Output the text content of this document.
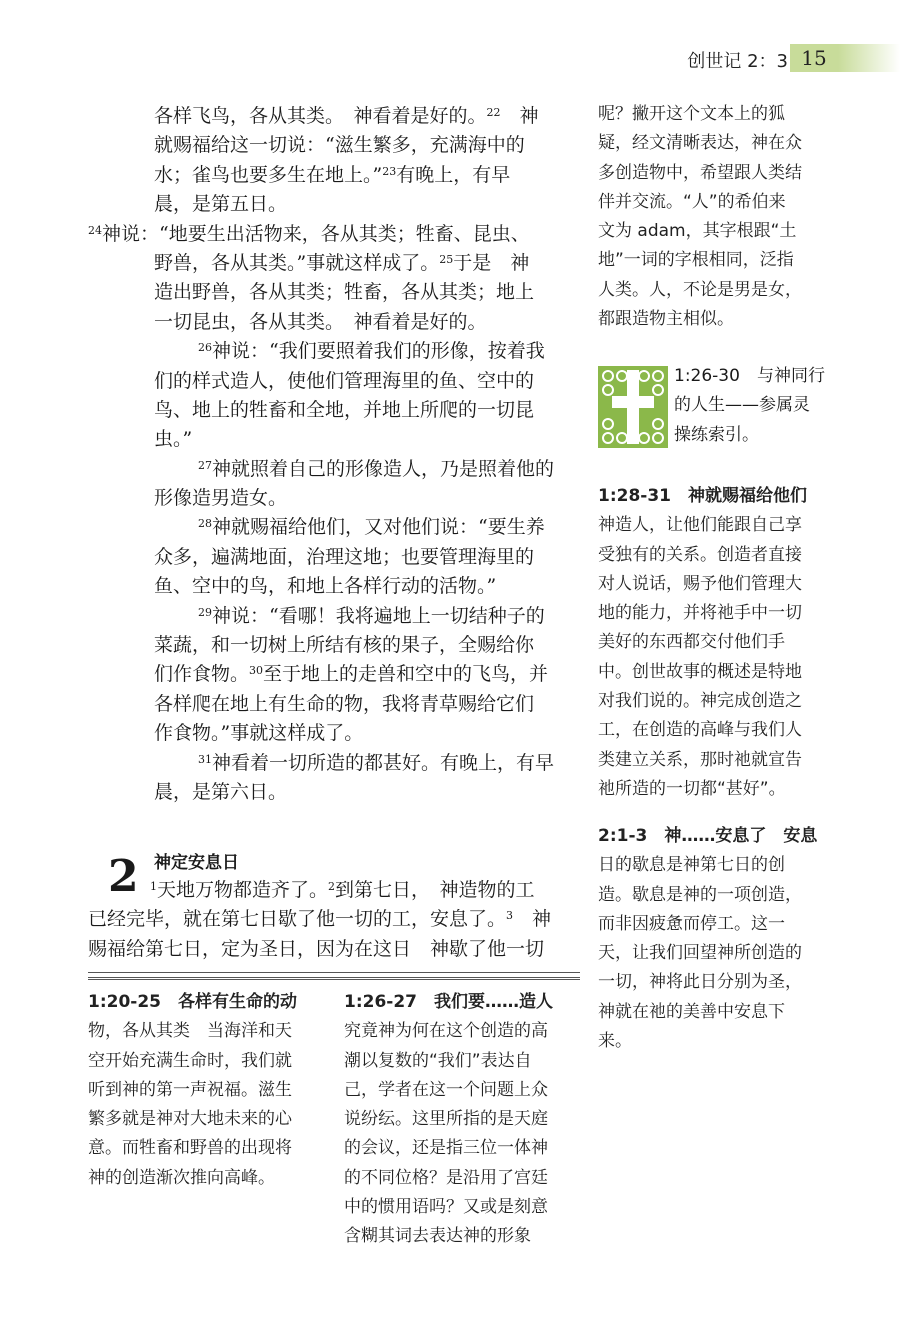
创世记 2：3 15
各样飞鸟，各从其类。　神看着是好的。$^{22}$　神
就赐福给这一切说：“滋生繁多，充满海中的
水；雀鸟也要多生在地上。”$^{23}$有晚上，有早
晨，是第五日。
$^{24}$神说：“地要生出活物来，各从其类；牲畜、昆虫、
野兽，各从其类。”事就这样成了。$^{25}$于是　神
造出野兽，各从其类；牲畜，各从其类；地上
一切昆虫，各从其类。　神看着是好的。
$^{26}$神说：“我们要照着我们的形像，按着我
们的样式造人，使他们管理海里的鱼、空中的
鸟、地上的牲畜和全地，并地上所爬的一切昆
虫。”
$^{27}$神就照着自己的形像造人，乃是照着他的
形像造男造女。
$^{28}$神就赐福给他们，又对他们说：“要生养
众多，遍满地面，治理这地；也要管理海里的
鱼、空中的鸟，和地上各样行动的活物。”
$^{29}$神说：“看哪！我将遍地上一切结种子的
菜蔬，和一切树上所结有核的果子，全赐给你
们作食物。$^{30}$至于地上的走兽和空中的飞鸟，并
各样爬在地上有生命的物，我将青草赐给它们
作食物。”事就这样成了。
$^{31}$神看着一切所造的都甚好。有晚上，有早
晨，是第六日。
神定安息日
2	$^1$天地万物都造齐了。$^2$到第七日，　神造物的工
已经完毕，就在第七日歇了他一切的工，安息了。$^3$　神
赐福给第七日，定为圣日，因为在这日　神歇了他一切
1:20-25　各样有生命的动
物，各从其类　当海洋和天
空开始充满生命时，我们就
听到神的第一声祝福。滋生
繁多就是神对大地未来的心
意。而牲畜和野兽的出现将
神的创造渐次推向高峰。
1:26-27　我们要……造人
究竟神为何在这个创造的高
潮以复数的“我们”表达自
己，学者在这一个问题上众
说纷纭。这里所指的是天庭
的会议，还是指三位一体神
的不同位格？是沿用了宫廷
中的惯用语吗？又或是刻意
含糊其词去表达神的形象
呢？撇开这个文本上的狐
疑，经文清晰表达，神在众
多创造物中，希望跟人类结
伴并交流。“人”的希伯来
文为 adam，其字根跟“土
地”一词的字根相同，泛指
人类。人，不论是男是女，
都跟造物主相似。
1:26-30　与神同行
的人生——参属灵
操练索引。
1:28-31　神就赐福给他们
神造人，让他们能跟自己享
受独有的关系。创造者直接
对人说话，赐予他们管理大
地的能力，并将祂手中一切
美好的东西都交付他们手
中。创世故事的概述是特地
对我们说的。神完成创造之
工，在创造的高峰与我们人
类建立关系，那时祂就宣告
祂所造的一切都“甚好”。
2:1-3　神……安息了　安息
日的歇息是神第七日的创
造。歇息是神的一项创造，
而非因疲惫而停工。这一
天，让我们回望神所创造的
一切，神将此日分别为圣，
神就在祂的美善中安息下
来。
